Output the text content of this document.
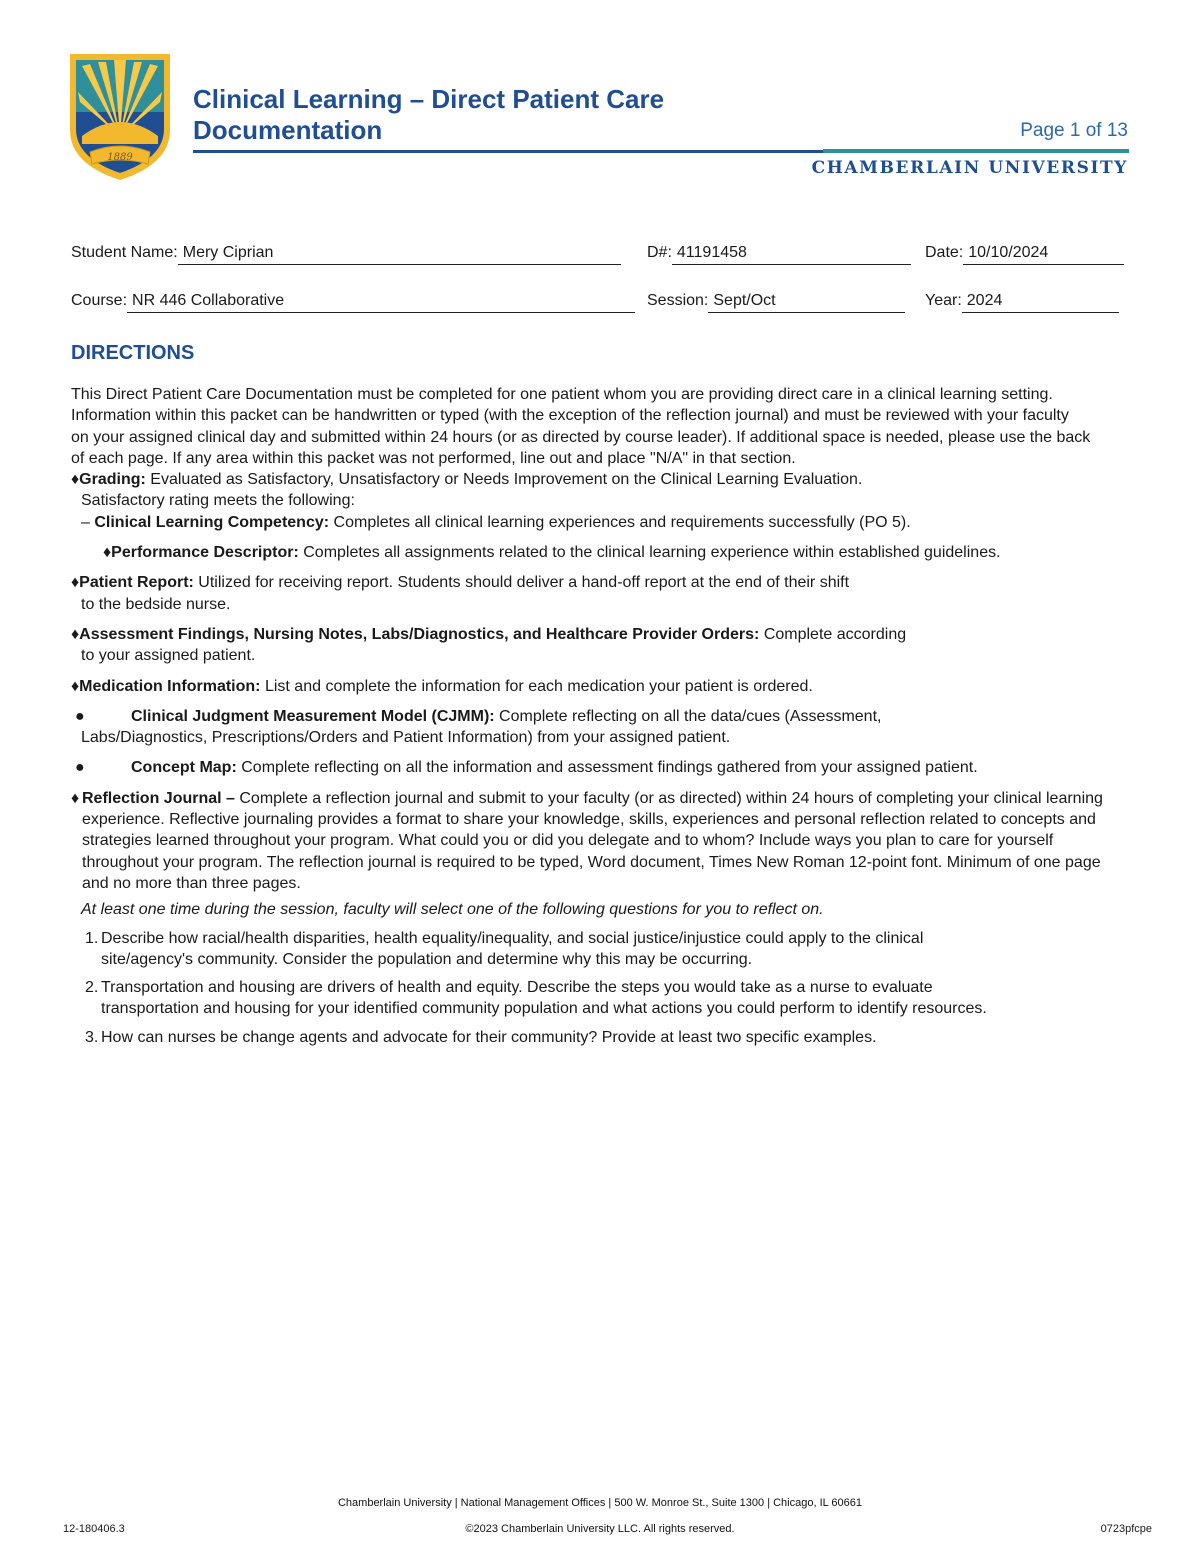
1889
Clinical Learning – Direct Patient Care
Documentation	Page 1 of 13
CHAMBERLAIN UNIVERSITY
Student Name: Mery Ciprian	D#: 41191458	Date: 10/10/2024
Course: NR 446 Collaborative	Session: Sept/Oct	Year: 2024
DIRECTIONS

This Direct Patient Care Documentation must be completed for one patient whom you are providing direct care in a clinical learning setting. Information within this packet can be handwritten or typed (with the exception of the reflection journal) and must be reviewed with your faculty on your assigned clinical day and submitted within 24 hours (or as directed by course leader). If additional space is needed, please use the back of each page. If any area within this packet was not performed, line out and place "N/A" in that section.

♦Grading: Evaluated as Satisfactory, Unsatisfactory or Needs Improvement on the Clinical Learning Evaluation.

Satisfactory rating meets the following:

– Clinical Learning Competency: Completes all clinical learning experiences and requirements successfully (PO 5).

♦Performance Descriptor: Completes all assignments related to the clinical learning experience within established guidelines.

♦Patient Report: Utilized for receiving report. Students should deliver a hand-off report at the end of their shift

to the bedside nurse.

♦Assessment Findings, Nursing Notes, Labs/Diagnostics, and Healthcare Provider Orders: Complete according

to your assigned patient.

♦Medication Information: List and complete the information for each medication your patient is ordered.

●	Clinical Judgment Measurement Model (CJMM): Complete reflecting on all the data/cues (Assessment,

Labs/Diagnostics, Prescriptions/Orders and Patient Information) from your assigned patient.

●	Concept Map: Complete reflecting on all the information and assessment findings gathered from your assigned patient.

♦ Reflection Journal – Complete a reflection journal and submit to your faculty (or as directed) within 24 hours of completing your clinical learning experience. Reflective journaling provides a format to share your knowledge, skills, experiences and personal reflection related to concepts and strategies learned throughout your program. What could you or did you delegate and to whom? Include ways you plan to care for yourself throughout your program. The reflection journal is required to be typed, Word document, Times New Roman 12-point font. Minimum of one page and no more than three pages.

At least one time during the session, faculty will select one of the following questions for you to reflect on.

1. Describe how racial/health disparities, health equality/inequality, and social justice/injustice could apply to the clinical site/agency's community. Consider the population and determine why this may be occurring.

2. Transportation and housing are drivers of health and equity. Describe the steps you would take as a nurse to evaluate transportation and housing for your identified community population and what actions you could perform to identify resources.

3. How can nurses be change agents and advocate for their community? Provide at least two specific examples.

Chamberlain University | National Management Offices | 500 W. Monroe St., Suite 1300 | Chicago, IL 60661
©2023 Chamberlain University LLC. All rights reserved.
12-180406.3	0723pfcpe
